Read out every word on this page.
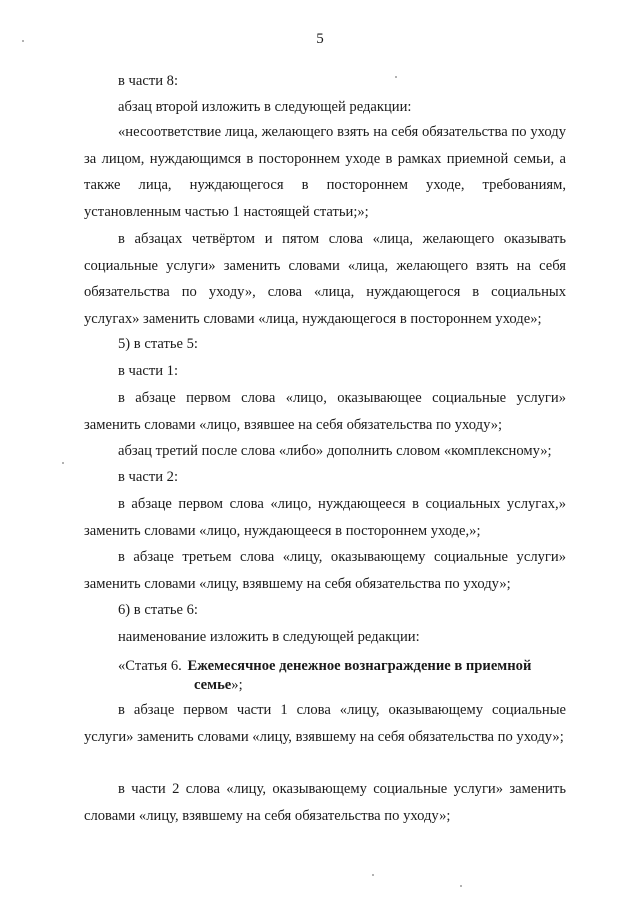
5
в части 8:
абзац второй изложить в следующей редакции:
«несоответствие лица, желающего взять на себя обязательства по уходу за лицом, нуждающимся в постороннем уходе в рамках приемной семьи, а также лица, нуждающегося в постороннем уходе, требованиям, установленным частью 1 настоящей статьи;»;
в абзацах четвёртом и пятом слова «лица, желающего оказывать социальные услуги» заменить словами «лица, желающего взять на себя обязательства по уходу», слова «лица, нуждающегося в социальных услугах» заменить словами «лица, нуждающегося в постороннем уходе»;
5) в статье 5:
в части 1:
в абзаце первом слова «лицо, оказывающее социальные услуги» заменить словами «лицо, взявшее на себя обязательства по уходу»;
абзац третий после слова «либо» дополнить словом «комплексному»;
в части 2:
в абзаце первом слова «лицо, нуждающееся в социальных услугах,» заменить словами «лицо, нуждающееся в постороннем уходе,»;
в абзаце третьем слова «лицу, оказывающему социальные услуги» заменить словами «лицу, взявшему на себя обязательства по уходу»;
6) в статье 6:
наименование изложить в следующей редакции:
«Статья 6. Ежемесячное денежное вознаграждение в приемной
семье»;
в абзаце первом части 1 слова «лицу, оказывающему социальные услуги» заменить словами «лицу, взявшему на себя обязательства по уходу»;
в части 2 слова «лицу, оказывающему социальные услуги» заменить словами «лицу, взявшему на себя обязательства по уходу»;
